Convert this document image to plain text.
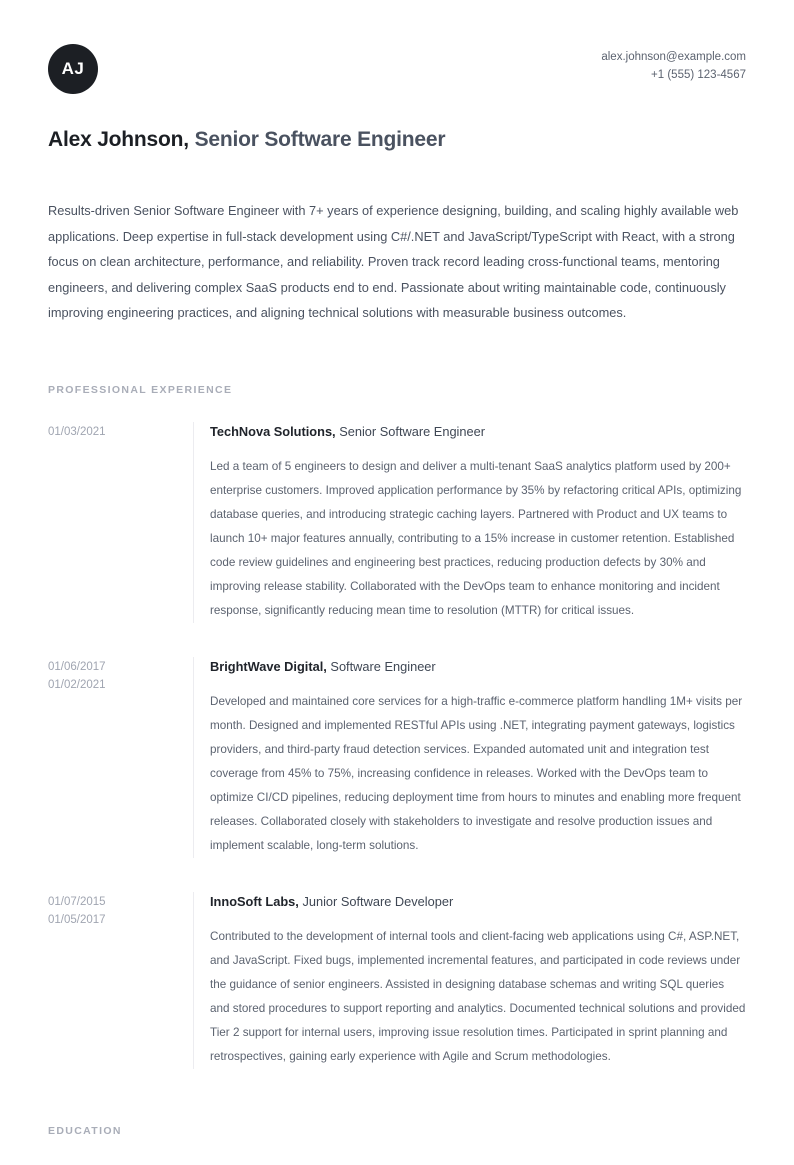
AJ
alex.johnson@example.com
+1 (555) 123-4567
Alex Johnson, Senior Software Engineer
Results-driven Senior Software Engineer with 7+ years of experience designing, building, and scaling highly available web applications. Deep expertise in full-stack development using C#/.NET and JavaScript/TypeScript with React, with a strong focus on clean architecture, performance, and reliability. Proven track record leading cross-functional teams, mentoring engineers, and delivering complex SaaS products end to end. Passionate about writing maintainable code, continuously improving engineering practices, and aligning technical solutions with measurable business outcomes.
PROFESSIONAL EXPERIENCE
01/03/2021	TechNova Solutions, Senior Software Engineer
Led a team of 5 engineers to design and deliver a multi-tenant SaaS analytics platform used by 200+ enterprise customers. Improved application performance by 35% by refactoring critical APIs, optimizing database queries, and introducing strategic caching layers. Partnered with Product and UX teams to launch 10+ major features annually, contributing to a 15% increase in customer retention. Established code review guidelines and engineering best practices, reducing production defects by 30% and improving release stability. Collaborated with the DevOps team to enhance monitoring and incident response, significantly reducing mean time to resolution (MTTR) for critical issues.
01/06/2017
01/02/2021
BrightWave Digital, Software Engineer
Developed and maintained core services for a high-traffic e-commerce platform handling 1M+ visits per month. Designed and implemented RESTful APIs using .NET, integrating payment gateways, logistics providers, and third-party fraud detection services. Expanded automated unit and integration test coverage from 45% to 75%, increasing confidence in releases. Worked with the DevOps team to optimize CI/CD pipelines, reducing deployment time from hours to minutes and enabling more frequent releases. Collaborated closely with stakeholders to investigate and resolve production issues and implement scalable, long-term solutions.
01/07/2015
01/05/2017
InnoSoft Labs, Junior Software Developer
Contributed to the development of internal tools and client-facing web applications using C#, ASP.NET, and JavaScript. Fixed bugs, implemented incremental features, and participated in code reviews under the guidance of senior engineers. Assisted in designing database schemas and writing SQL queries and stored procedures to support reporting and analytics. Documented technical solutions and provided Tier 2 support for internal users, improving issue resolution times. Participated in sprint planning and retrospectives, gaining early experience with Agile and Scrum methodologies.
EDUCATION
